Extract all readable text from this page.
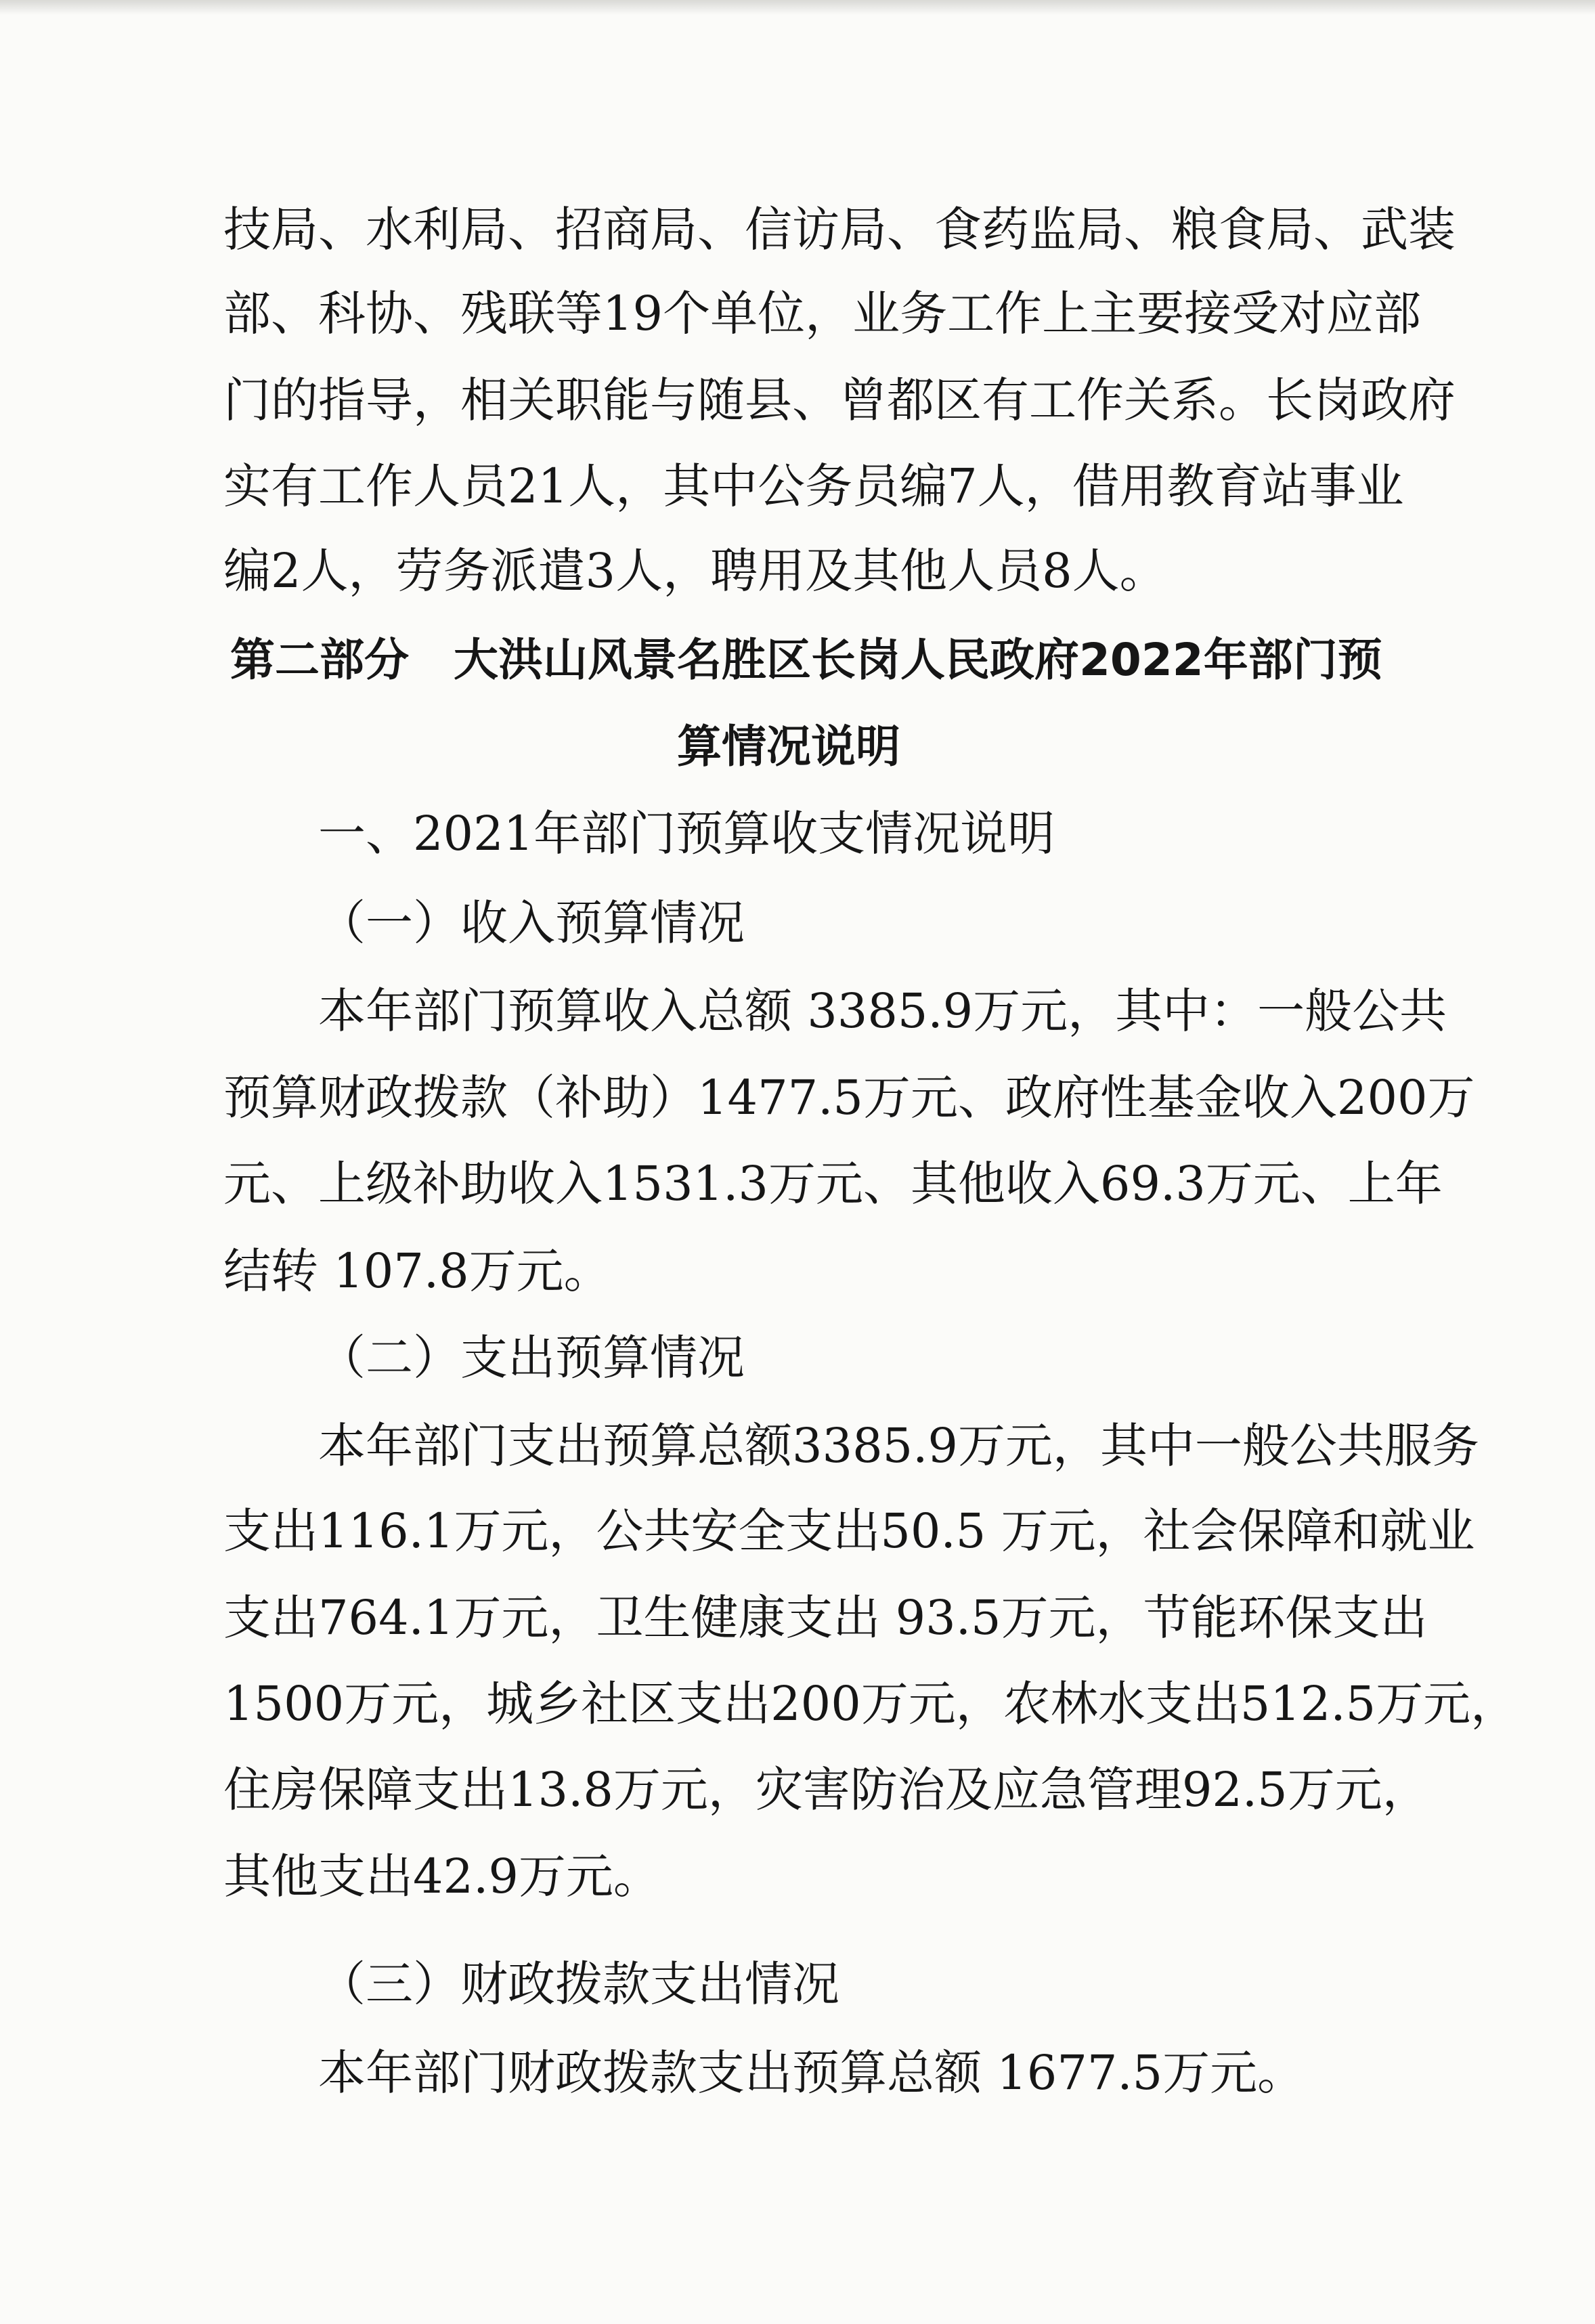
技局、水利局、招商局、信访局、食药监局、粮食局、武装

部、科协、残联等19个单位，业务工作上主要接受对应部

门的指导，相关职能与随县、曾都区有工作关系。长岗政府

实有工作人员21人，其中公务员编7人，借用教育站事业

编2人，劳务派遣3人，聘用及其他人员8人。

第二部分　大洪山风景名胜区长岗人民政府2022年部门预

算情况说明

一、2021年部门预算收支情况说明

（一）收入预算情况

本年部门预算收入总额 3385.9万元，其中：一般公共

预算财政拨款（补助）1477.5万元、政府性基金收入200万

元、上级补助收入1531.3万元、其他收入69.3万元、上年

结转 107.8万元。

（二）支出预算情况

本年部门支出预算总额3385.9万元，其中一般公共服务

支出116.1万元，公共安全支出50.5 万元，社会保障和就业

支出764.1万元，卫生健康支出 93.5万元，节能环保支出

1500万元，城乡社区支出200万元，农林水支出512.5万元，

住房保障支出13.8万元，灾害防治及应急管理92.5万元，

其他支出42.9万元。

（三）财政拨款支出情况

本年部门财政拨款支出预算总额 1677.5万元。
